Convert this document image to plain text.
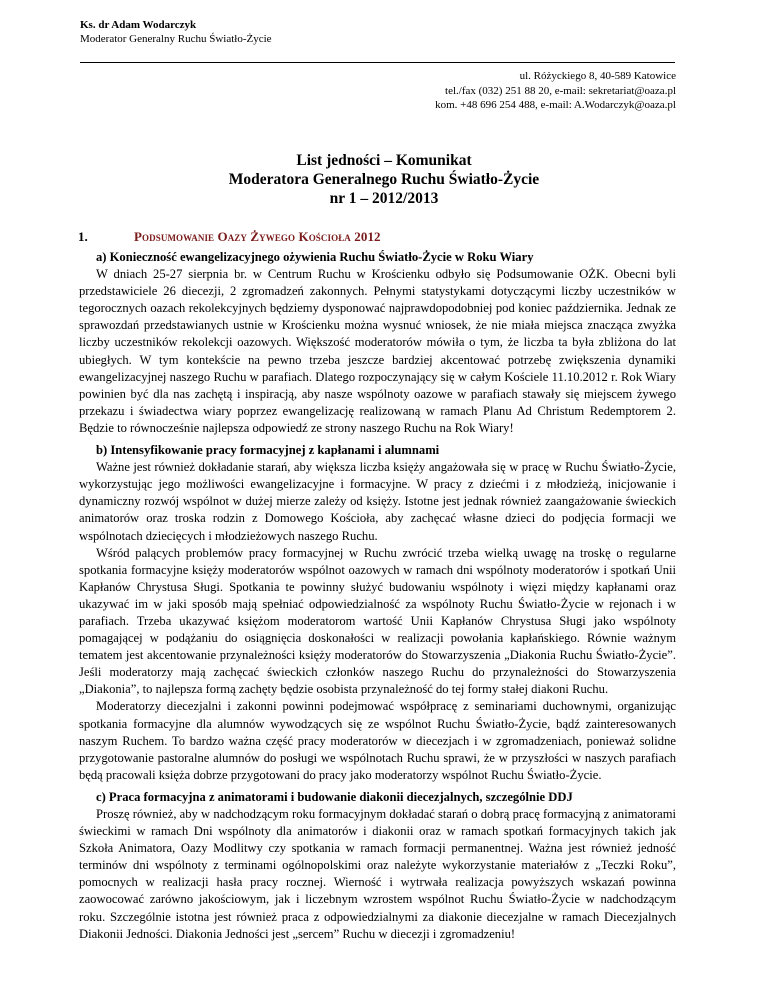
Ks. dr Adam Wodarczyk
Moderator Generalny Ruchu Światło-Życie
ul. Różyckiego 8, 40-589 Katowice
tel./fax (032) 251 88 20, e-mail: sekretariat@oaza.pl
kom. +48 696 254 488, e-mail: A.Wodarczyk@oaza.pl
List jedności – Komunikat
Moderatora Generalnego Ruchu Światło-Życie
nr 1 – 2012/2013
1.	Podsumowanie Oazy Żywego Kościoła 2012

a) Konieczność ewangelizacyjnego ożywienia Ruchu Światło-Życie w Roku Wiary

W dniach 25-27 sierpnia br. w Centrum Ruchu w Krościenku odbyło się Podsumowanie OŻK. Obecni byli przedstawiciele 26 diecezji, 2 zgromadzeń zakonnych. Pełnymi statystykami dotyczącymi liczby uczestników w tegorocznych oazach rekolekcyjnych będziemy dysponować najprawdopodobniej pod koniec października. Jednak ze sprawozdań przedstawianych ustnie w Krościenku można wysnuć wniosek, że nie miała miejsca znacząca zwyżka liczby uczestników rekolekcji oazowych. Większość moderatorów mówiła o tym, że liczba ta była zbliżona do lat ubiegłych. W tym kontekście na pewno trzeba jeszcze bardziej akcentować potrzebę zwiększenia dynamiki ewangelizacyjnej naszego Ruchu w parafiach. Dlatego rozpoczynający się w całym Kościele 11.10.2012 r. Rok Wiary powinien być dla nas zachętą i inspiracją, aby nasze wspólnoty oazowe w parafiach stawały się miejscem żywego przekazu i świadectwa wiary poprzez ewangelizację realizowaną w ramach Planu Ad Christum Redemptorem 2. Będzie to równocześnie najlepsza odpowiedź ze strony naszego Ruchu na Rok Wiary!

b) Intensyfikowanie pracy formacyjnej z kapłanami i alumnami

Ważne jest również dokładanie starań, aby większa liczba księży angażowała się w pracę w Ruchu Światło-Życie, wykorzystując jego możliwości ewangelizacyjne i formacyjne. W pracy z dziećmi i z młodzieżą, inicjowanie i dynamiczny rozwój wspólnot w dużej mierze zależy od księży. Istotne jest jednak również zaangażowanie świeckich animatorów oraz troska rodzin z Domowego Kościoła, aby zachęcać własne dzieci do podjęcia formacji we wspólnotach dziecięcych i młodzieżowych naszego Ruchu.

Wśród palących problemów pracy formacyjnej w Ruchu zwrócić trzeba wielką uwagę na troskę o regularne spotkania formacyjne księży moderatorów wspólnot oazowych w ramach dni wspólnoty moderatorów i spotkań Unii Kapłanów Chrystusa Sługi. Spotkania te powinny służyć budowaniu wspólnoty i więzi między kapłanami oraz ukazywać im w jaki sposób mają spełniać odpowiedzialność za wspólnoty Ruchu Światło-Życie w rejonach i w parafiach. Trzeba ukazywać księżom moderatorom wartość Unii Kapłanów Chrystusa Sługi jako wspólnoty pomagającej w podążaniu do osiągnięcia doskonałości w realizacji powołania kapłańskiego. Równie ważnym tematem jest akcentowanie przynależności księży moderatorów do Stowarzyszenia „Diakonia Ruchu Światło-Życie”. Jeśli moderatorzy mają zachęcać świeckich członków naszego Ruchu do przynależności do Stowarzyszenia „Diakonia”, to najlepsza formą zachęty będzie osobista przynależność do tej formy stałej diakoni Ruchu.

Moderatorzy diecezjalni i zakonni powinni podejmować współpracę z seminariami duchownymi, organizując spotkania formacyjne dla alumnów wywodzących się ze wspólnot Ruchu Światło-Życie, bądź zainteresowanych naszym Ruchem. To bardzo ważna część pracy moderatorów w diecezjach i w zgromadzeniach, ponieważ solidne przygotowanie pastoralne alumnów do posługi we wspólnotach Ruchu sprawi, że w przyszłości w naszych parafiach będą pracowali księża dobrze przygotowani do pracy jako moderatorzy wspólnot Ruchu Światło-Życie.

c) Praca formacyjna z animatorami i budowanie diakonii diecezjalnych, szczególnie DDJ

Proszę również, aby w nadchodzącym roku formacyjnym dokładać starań o dobrą pracę formacyjną z animatorami świeckimi w ramach Dni wspólnoty dla animatorów i diakonii oraz w ramach spotkań formacyjnych takich jak Szkoła Animatora, Oazy Modlitwy czy spotkania w ramach formacji permanentnej. Ważna jest również jedność terminów dni wspólnoty z terminami ogólnopolskimi oraz należyte wykorzystanie materiałów z „Teczki Roku”, pomocnych w realizacji hasła pracy rocznej. Wierność i wytrwała realizacja powyższych wskazań powinna zaowocować zarówno jakościowym, jak i liczebnym wzrostem wspólnot Ruchu Światło-Życie w nadchodzącym roku. Szczególnie istotna jest również praca z odpowiedzialnymi za diakonie diecezjalne w ramach Diecezjalnych Diakonii Jedności. Diakonia Jedności jest „sercem” Ruchu w diecezji i zgromadzeniu!
